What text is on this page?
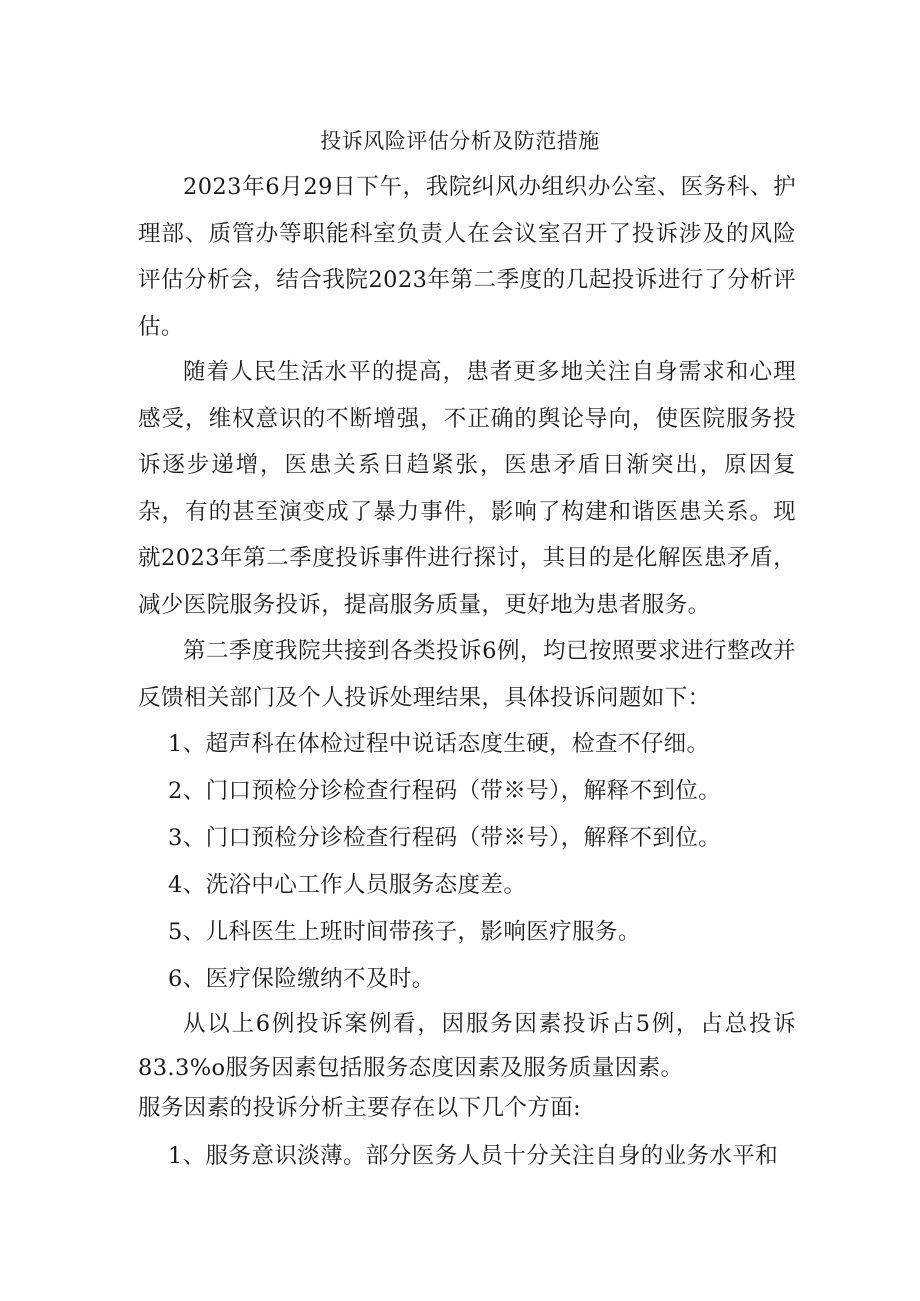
投诉风险评估分析及防范措施

2023年6月29日下午，我院纠风办组织办公室、医务科、护理部、质管办等职能科室负责人在会议室召开了投诉涉及的风险评估分析会，结合我院2023年第二季度的几起投诉进行了分析评估。

随着人民生活水平的提高，患者更多地关注自身需求和心理感受，维权意识的不断增强，不正确的舆论导向，使医院服务投诉逐步递增，医患关系日趋紧张，医患矛盾日渐突出，原因复杂，有的甚至演变成了暴力事件，影响了构建和谐医患关系。现就2023年第二季度投诉事件进行探讨，其目的是化解医患矛盾，减少医院服务投诉，提高服务质量，更好地为患者服务。

第二季度我院共接到各类投诉6例，均已按照要求进行整改并反馈相关部门及个人投诉处理结果，具体投诉问题如下：

1、超声科在体检过程中说话态度生硬，检查不仔细。

2、门口预检分诊检查行程码（带※号），解释不到位。

3、门口预检分诊检查行程码（带※号），解释不到位。

4、洗浴中心工作人员服务态度差。

5、儿科医生上班时间带孩子，影响医疗服务。

6、医疗保险缴纳不及时。

从以上6例投诉案例看，因服务因素投诉占5例，占总投诉83.3%o服务因素包括服务态度因素及服务质量因素。

服务因素的投诉分析主要存在以下几个方面:

1、服务意识淡薄。部分医务人员十分关注自身的业务水平和
